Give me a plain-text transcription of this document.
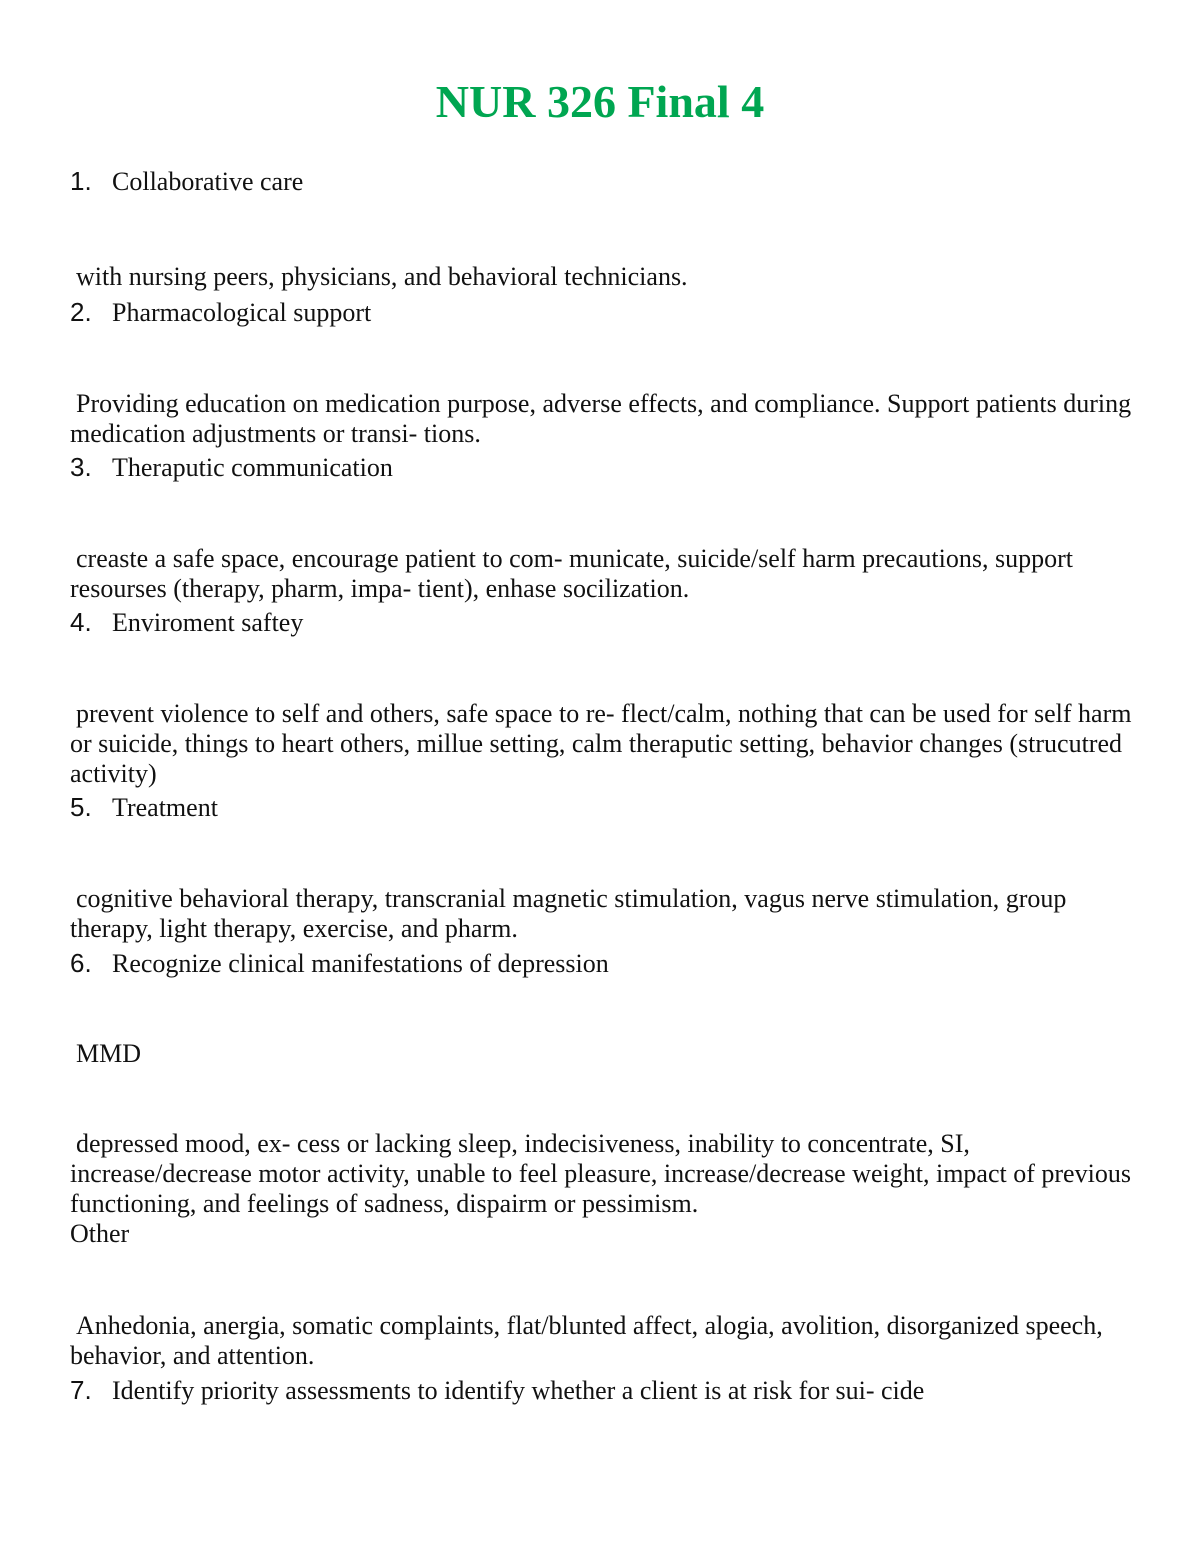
NUR 326 Final 4
1. Collaborative care
with nursing peers, physicians, and behavioral technicians.
2. Pharmacological support
Providing education on medication purpose, adverse effects, and compliance. Support patients during medication adjustments or transi- tions.
3. Theraputic communication
creaste a safe space, encourage patient to com- municate, suicide/self harm precautions, support resourses (therapy, pharm, impa- tient), enhase socilization.
4. Enviroment saftey
prevent violence to self and others, safe space to re- flect/calm, nothing that can be used for self harm or suicide, things to heart others, millue setting, calm theraputic setting, behavior changes (strucutred activity)
5. Treatment
cognitive behavioral therapy, transcranial magnetic stimulation, vagus nerve stimulation, group therapy, light therapy, exercise, and pharm.
6. Recognize clinical manifestations of depression
MMD
depressed mood, ex- cess or lacking sleep, indecisiveness, inability to concentrate, SI, increase/decrease motor activity, unable to feel pleasure, increase/decrease weight, impact of previous functioning, and feelings of sadness, dispairm or pessimism.
Other
Anhedonia, anergia, somatic complaints, flat/blunted affect, alogia, avolition, disorganized speech, behavior, and attention.
7. Identify priority assessments to identify whether a client is at risk for sui- cide
